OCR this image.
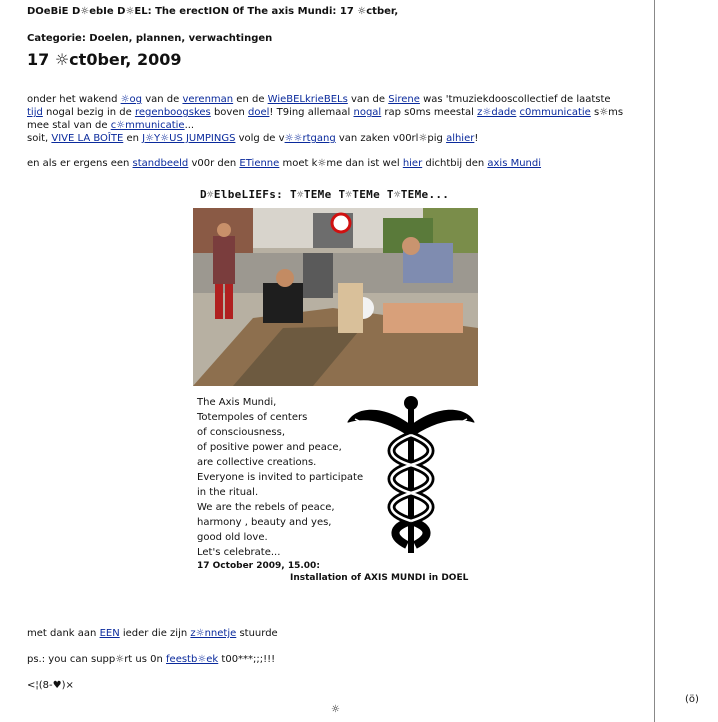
DOeBiE D☼ebIe D☼EL: The erectION 0f The axis Mundi: 17 ☼ctber,
Categorie: Doelen, plannen, verwachtingen
17 ☼ct0ber, 2009

onder het wakend ☼og van de verenman en de WieBELkrieBELs van de Sirene was 'tmuziekdooscollectief de laatste tijd nogal bezig in de regenboogskes boven doel! T9ing allemaal nogal rap s0ms meestal z☼dade c0mmunicatie s☼ms mee stal van de c☼mmunicatie...
soit, VIVE LA BOÎTE en J☼Y☼US JUMPINGS volg de v☼☼rtgang van zaken v00rl☼pig alhier!

en als er ergens een standbeeld v00r den ETienne moet k☼me dan ist wel hier dichtbij den axis Mundi

D☼ElbeLIEFs: T☼TEMe T☼TEMe T☼TEMe...
The Axis Mundi,
Totempoles of centers
of consciousness,
of positive power and peace,
are collective creations.
Everyone is invited to participate
in the ritual.
We are the rebels of peace,
harmony , beauty and yes,
good old love.
Let's celebrate...
17 October 2009, 15.00:
Installation of AXIS MUNDI in DOEL
met dank aan EEN ieder die zijn z☼nnetje stuurde
ps.: you can supp☼rt us 0n feestb☼ek t00***;;;!!!
<¦(8-♥)×
☼
(ö)
